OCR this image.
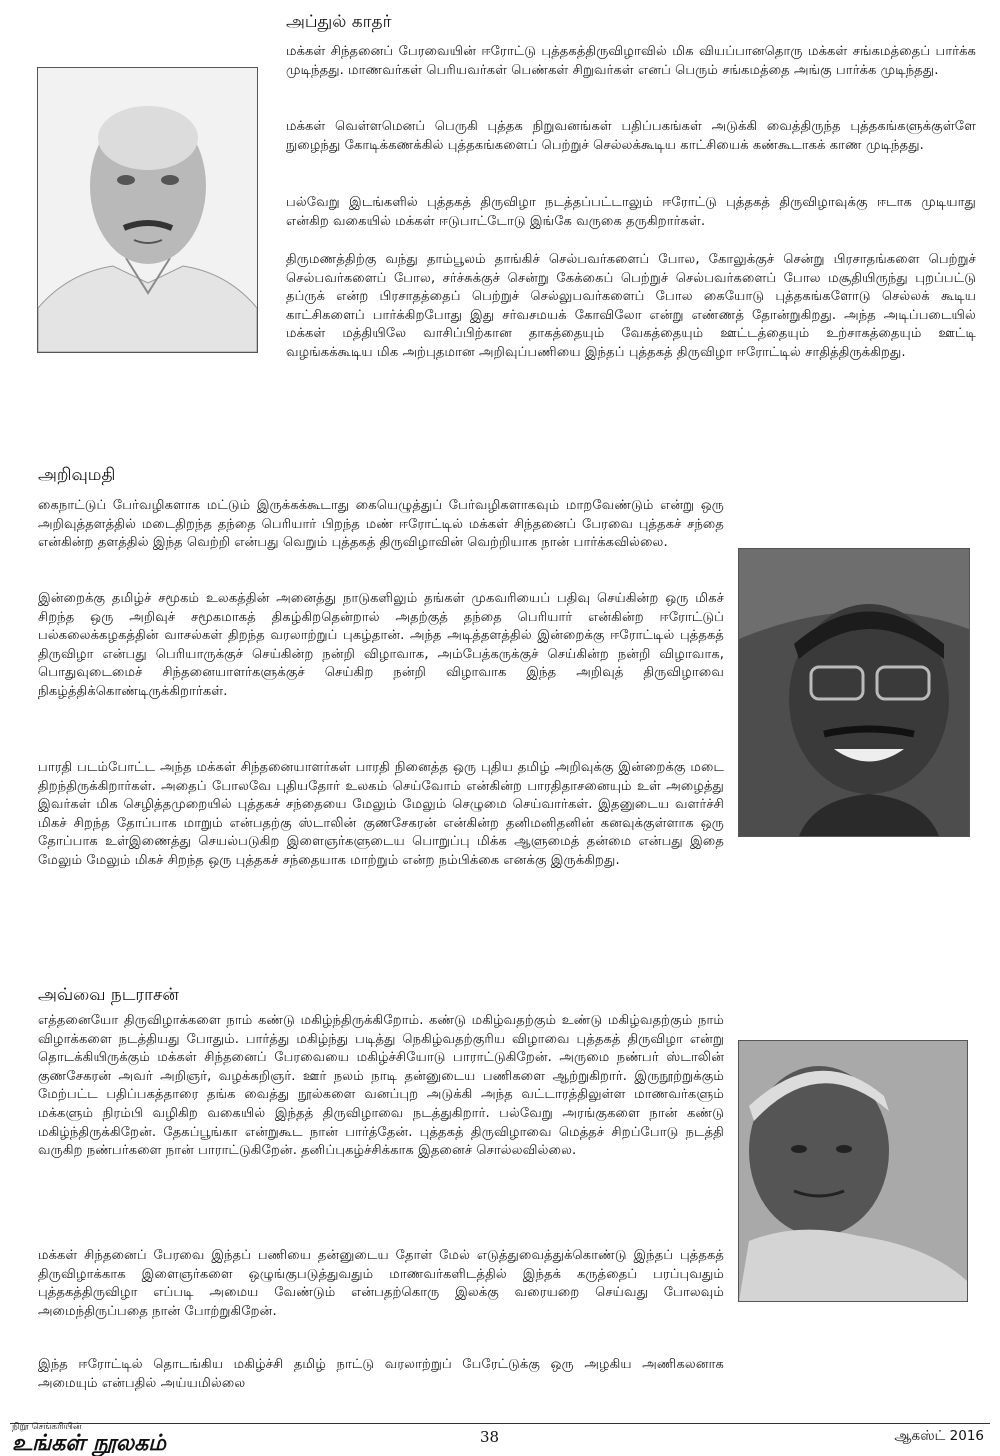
அப்துல் காதர்

மக்கள் சிந்தனைப் பேரவையின் ஈரோட்டு புத்தகத்திருவிழாவில் மிக வியப்பானதொரு மக்கள் சங்கமத்தைப் பார்க்க முடிந்தது. மாணவர்கள் பெரியவர்கள் பெண்கள் சிறுவர்கள் எனப் பெரும் சங்கமத்தை அங்கு பார்க்க முடிந்தது.

மக்கள் வெள்ளமெனப் பெருகி புத்தக நிறுவனங்கள் பதிப்பகங்கள் அடுக்கி வைத்திருந்த புத்தகங்களுக்குள்ளே நுழைந்து கோடிக்கணக்கில் புத்தகங்களைப் பெற்றுச் செல்லக்கூடிய காட்சியைக் கண்கூடாகக் காண முடிந்தது.

பல்வேறு இடங்களில் புத்தகத் திருவிழா நடத்தப்பட்டாலும் ஈரோட்டு புத்தகத் திருவிழாவுக்கு ஈடாக முடியாது என்கிற வகையில் மக்கள் ஈடுபாட்டோடு இங்கே வருகை தருகிறார்கள்.

திருமணத்திற்கு வந்து தாம்பூலம் தாங்கிச் செல்பவர்களைப் போல, கோலுக்குச் சென்று பிரசாதங்களை பெற்றுச் செல்பவர்களைப் போல, சர்ச்சுக்குச் சென்று கேக்கைப் பெற்றுச் செல்பவர்களைப் போல மசூதியிருந்து புறப்பட்டு தப்ருக் என்ற பிரசாதத்தைப் பெற்றுச் செல்லுபவர்களைப் போல கையோடு புத்தகங்களோடு செல்லக் கூடிய காட்சிகளைப் பார்க்கிறபோது இது சர்வசமயக் கோவிலோ என்று எண்ணத் தோன்றுகிறது. அந்த அடிப்படையில் மக்கள் மத்தியிலே வாசிப்பிற்கான தாகத்தையும் வேகத்தையும் ஊட்டத்தையும் உற்சாகத்தையும் ஊட்டி வழங்கக்கூடிய மிக அற்புதமான அறிவுப்பணியை இந்தப் புத்தகத் திருவிழா ஈரோட்டில் சாதித்திருக்கிறது.

அறிவுமதி

கைநாட்டுப் பேர்வழிகளாக மட்டும் இருக்கக்கூடாது கையெழுத்துப் பேர்வழிகளாகவும் மாறவேண்டும் என்று ஒரு அறிவுத்தளத்தில் மடைதிறந்த தந்தை பெரியார் பிறந்த மண் ஈரோட்டில் மக்கள் சிந்தனைப் பேரவை புத்தகச் சந்தை என்கின்ற தளத்தில் இந்த வெற்றி என்பது வெறும் புத்தகத் திருவிழாவின் வெற்றியாக நான் பார்க்கவில்லை.

இன்றைக்கு தமிழ்ச் சமூகம் உலகத்தின் அனைத்து நாடுகளிலும் தங்கள் முகவரியைப் பதிவு செய்கின்ற ஒரு மிகச் சிறந்த ஒரு அறிவுச் சமூகமாகத் திகழ்கிறதென்றால் அதற்குத் தந்தை பெரியார் என்கின்ற ஈரோட்டுப் பல்கலைக்கழகத்தின் வாசல்கள் திறந்த வரலாற்றுப் புகழ்தான். அந்த அடித்தளத்தில் இன்றைக்கு ஈரோட்டில் புத்தகத் திருவிழா என்பது பெரியாருக்குச் செய்கின்ற நன்றி விழாவாக, அம்பேத்கருக்குச் செய்கின்ற நன்றி விழாவாக, பொதுவுடைமைச் சிந்தனையாளர்களுக்குச் செய்கிற நன்றி விழாவாக இந்த அறிவுத் திருவிழாவை நிகழ்த்திக்கொண்டிருக்கிறார்கள்.

பாரதி படம்போட்ட அந்த மக்கள் சிந்தனையாளர்கள் பாரதி நினைத்த ஒரு புதிய தமிழ் அறிவுக்கு இன்றைக்கு மடை திறந்திருக்கிறார்கள். அதைப் போலவே புதியதோர் உலகம் செய்வோம் என்கின்ற பாரதிதாசனையும் உள் அழைத்து இவர்கள் மிக செழித்தமுறையில் புத்தகச் சந்தையை மேலும் மேலும் செழுமை செய்வார்கள். இதனுடைய வளர்ச்சி மிகச் சிறந்த தோப்பாக மாறும் என்பதற்கு ஸ்டாலின் குணசேகரன் என்கின்ற தனிமனிதனின் கனவுக்குள்ளாக ஒரு தோப்பாக உள்இணைத்து செயல்படுகிற இளைஞர்களுடைய பொறுப்பு மிக்க ஆளுமைத் தன்மை என்பது இதை மேலும் மேலும் மிகச் சிறந்த ஒரு புத்தகச் சந்தையாக மாற்றும் என்ற நம்பிக்கை எனக்கு இருக்கிறது.

அவ்வை நடராசன்

எத்தனையோ திருவிழாக்களை நாம் கண்டு மகிழ்ந்திருக்கிறோம். கண்டு மகிழ்வதற்கும் உண்டு மகிழ்வதற்கும் நாம் விழாக்களை நடத்தியது போதும். பார்த்து மகிழ்ந்து படித்து நெகிழ்வதற்குரிய விழாவை புத்தகத் திருவிழா என்று தொடக்கியிருக்கும் மக்கள் சிந்தனைப் பேரவையை மகிழ்ச்சியோடு பாராட்டுகிறேன். அருமை நண்பர் ஸ்டாலின் குணசேகரன் அவர் அறிஞர், வழக்கறிஞர். ஊர் நலம் நாடி தன்னுடைய பணிகளை ஆற்றுகிறார். இருநூற்றுக்கும் மேற்பட்ட பதிப்பகத்தாரை தங்க வைத்து நூல்களை வனப்புற அடுக்கி அந்த வட்டாரத்திலுள்ள மாணவர்களும் மக்களும் நிரம்பி வழிகிற வகையில் இந்தத் திருவிழாவை நடத்துகிறார். பல்வேறு அரங்குகளை நான் கண்டு மகிழ்ந்திருக்கிறேன். தேகப்பூங்கா என்றுகூட நான் பார்த்தேன். புத்தகத் திருவிழாவை மெத்தச் சிறப்போடு நடத்தி வருகிற நண்பர்களை நான் பாராட்டுகிறேன். தனிப்புகழ்ச்சிக்காக இதனைச் சொல்லவில்லை.

மக்கள் சிந்தனைப் பேரவை இந்தப் பணியை தன்னுடைய தோள் மேல் எடுத்துவைத்துக்கொண்டு இந்தப் புத்தகத் திருவிழாக்காக இளைஞர்களை ஒழுங்குபடுத்துவதும் மாணவர்களிடத்தில் இந்தக் கருத்தைப் பரப்புவதும் புத்தகத்திருவிழா எப்படி அமைய வேண்டும் என்பதற்கொரு இலக்கு வரையறை செய்வது போலவும் அமைந்திருப்பதை நான் போற்றுகிறேன்.

இந்த ஈரோட்டில் தொடங்கிய மகிழ்ச்சி தமிழ் நாட்டு வரலாற்றுப் பேரேட்டுக்கு ஒரு அழகிய அணிகலனாக அமையும் என்பதில் அய்யமில்லை

நிறூ செங்கரியின்
உங்கள் நூலகம்	38	ஆகஸ்ட் 2016
